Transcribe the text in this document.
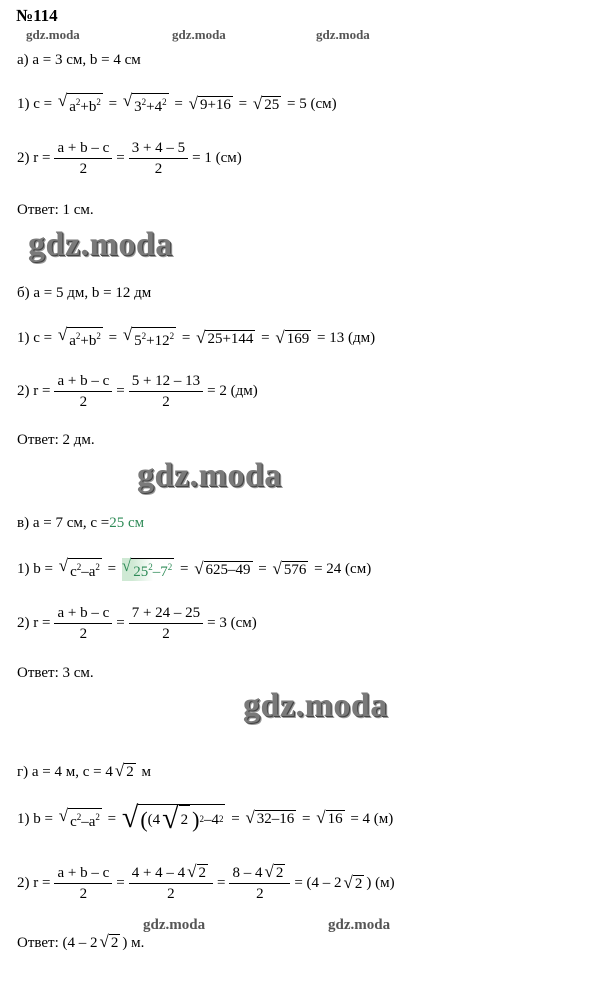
№114
gdz.moda	gdz.moda	gdz.moda
а) a = 3 см, b = 4 см
1) c =
√ $a^2+b^2$
=
√ $3^2+4^2$
=
√ 9+16
=
√ 25
= 5 (см)
2) $r = \frac{a + b - c}{2} = \frac{3 + 4 - 5}{2} = 1$ (см)
Ответ: 1 см.
gdz.moda
б) a = 5 дм, b = 12 дм
1) c =
√ $a^2+b^2$
=
√ $5^2+12^2$
=
√ 25+144
=
√ 169
= 13 (дм)
2) $r = \frac{a + b - c}{2} = \frac{5 + 12 - 13}{2} = 2$ (дм)
Ответ: 2 дм.
gdz.moda
в) a = 7 см, c = 25 см
1) b =
√ $c^2-a^2$
=
√ $25^2-7^2$
=
√ 625–49
=
√ 576
= 24 (см)
2) $r = \frac{a + b - c}{2} = \frac{7 + 24 - 25}{2} = 3$ (см)
Ответ: 3 см.
gdz.moda
г) a = 4 м, c = 4 √ 2
м
1) b =
√ $c^2-a^2$
=
√ ( (4 √ 2 ) 2 –4 2
=
√ 32–16
=
√ 16
= 4 (м)
2) $r = \frac{a + b - c}{2} = \frac{4 + 4 - 4 √ 2}{2} = \frac{8 - 4 √ 2}{2} = (4 - 2$ √ 2 ) (м)
gdz.moda	gdz.moda
Ответ: (4 – 2 √ 2 ) м.
